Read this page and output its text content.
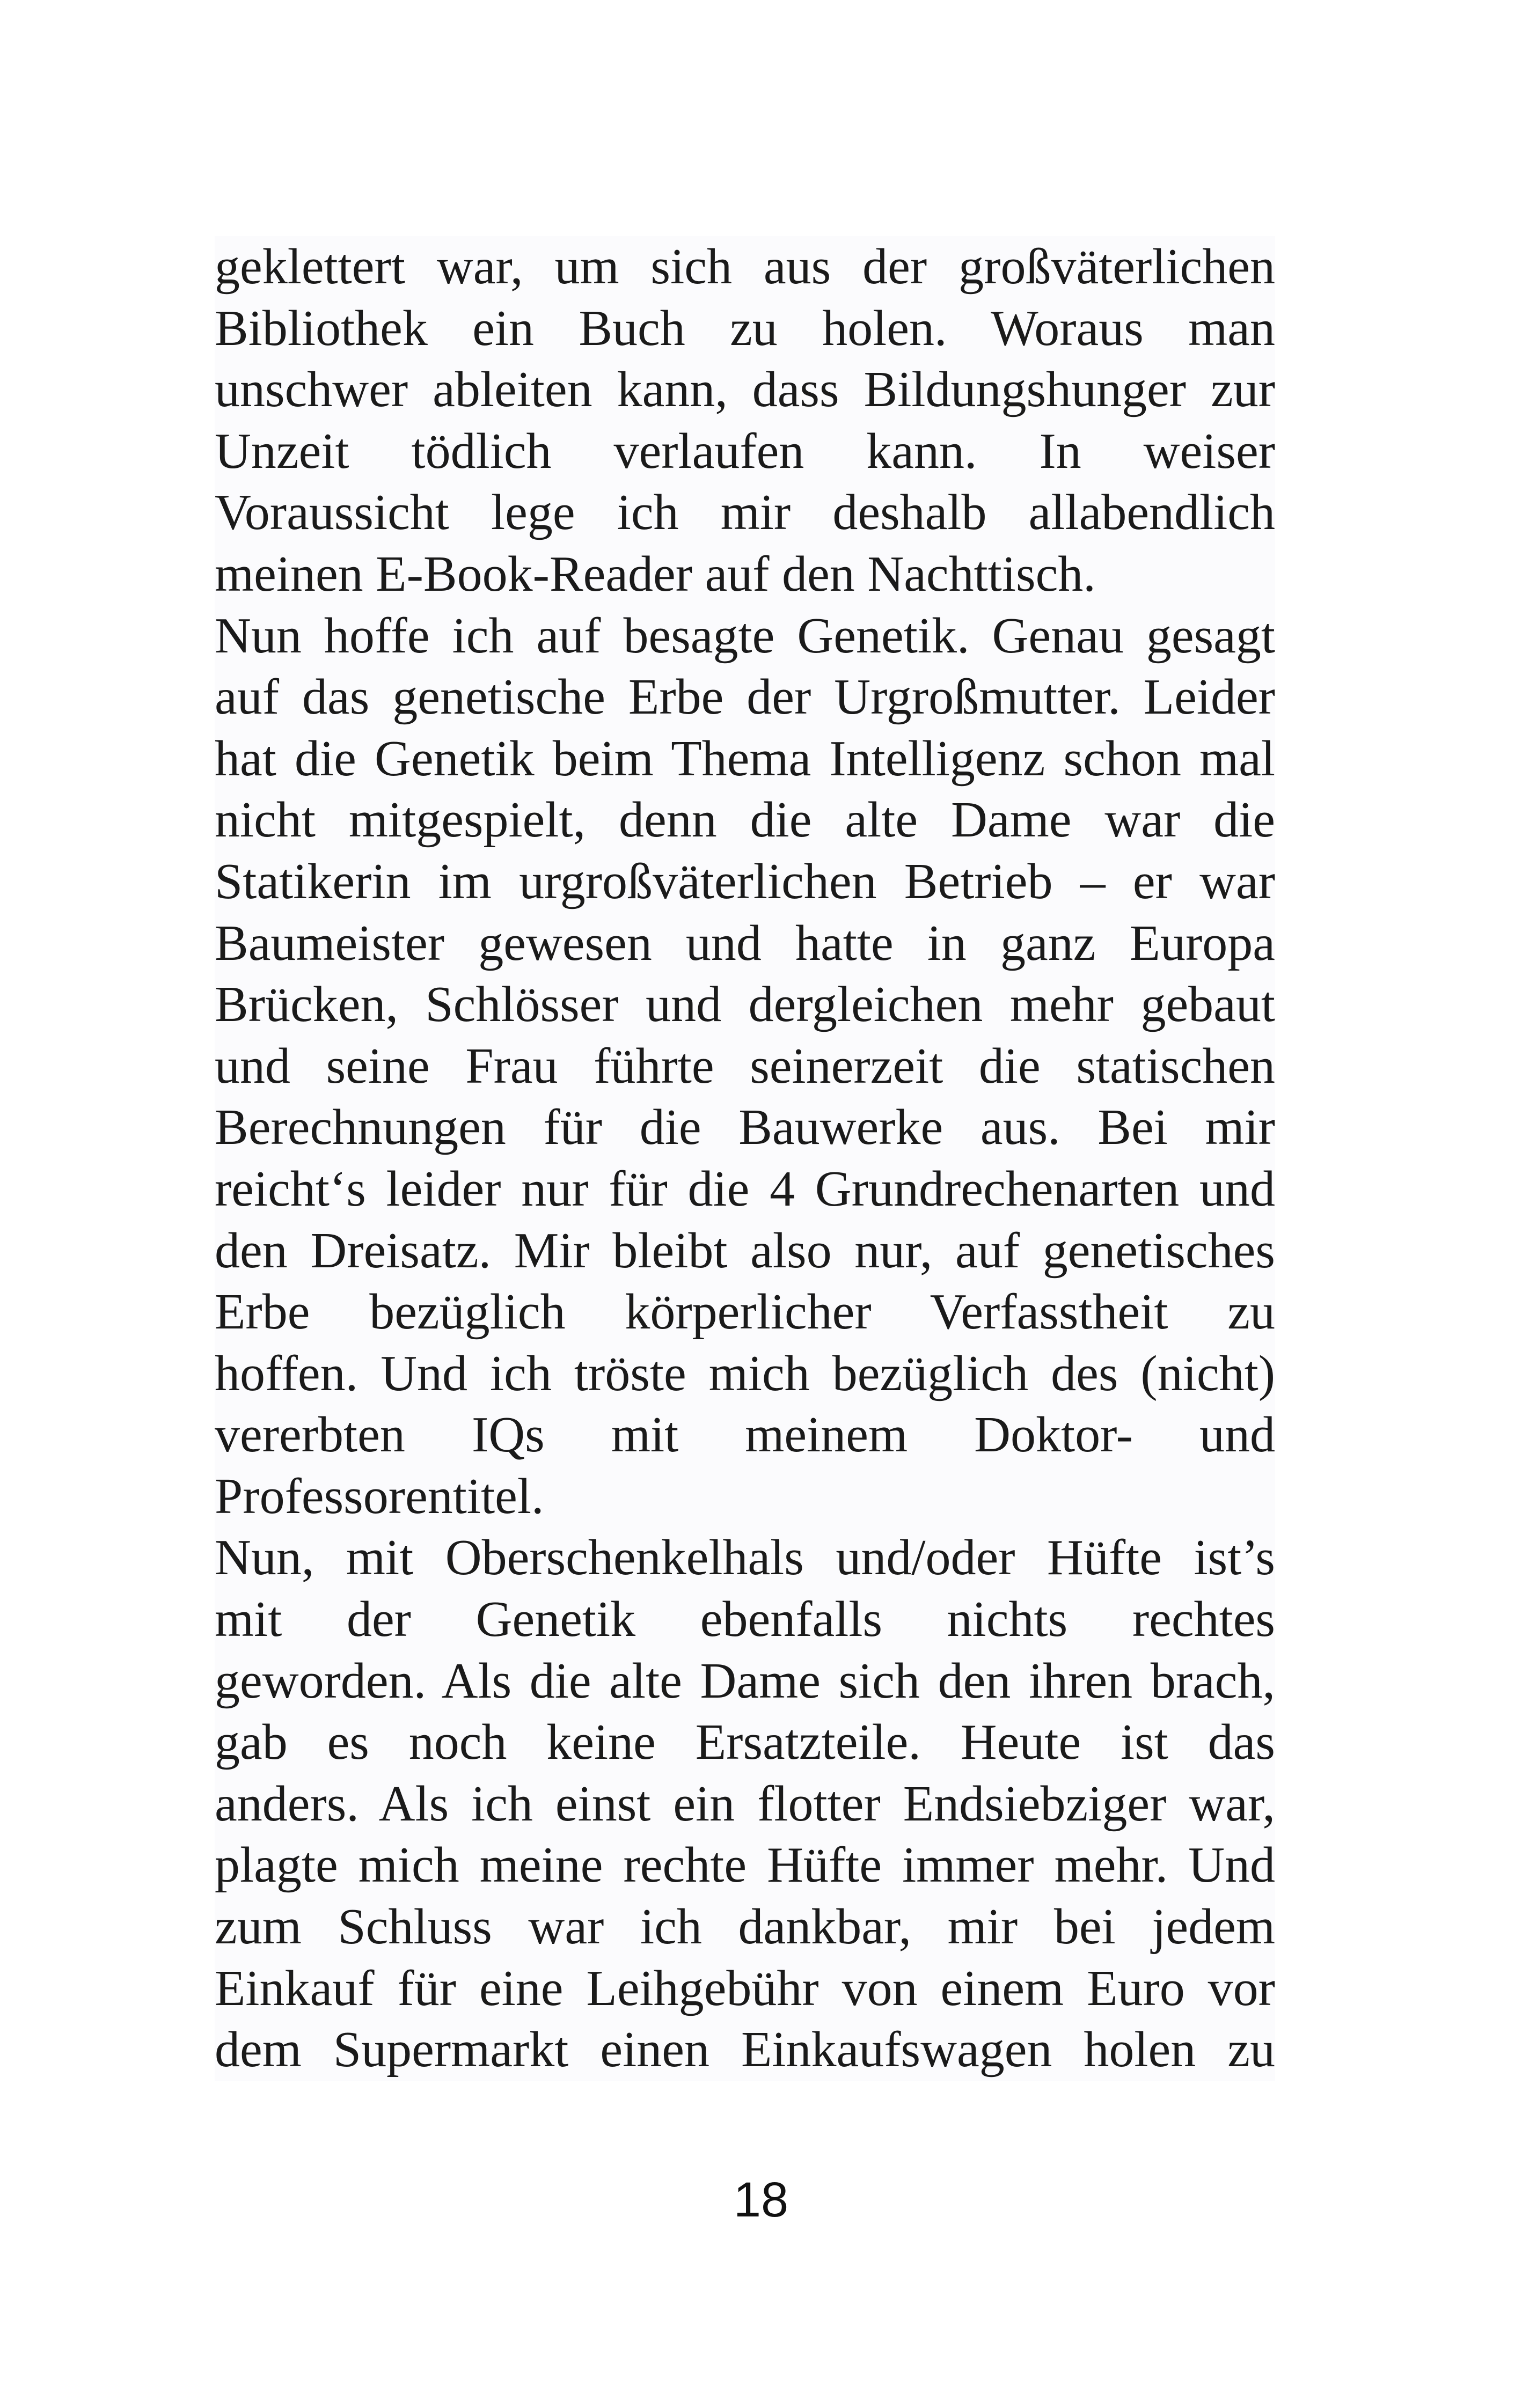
geklettert war, um sich aus der großväterlichen
Bibliothek ein Buch zu holen. Woraus man
unschwer ableiten kann, dass Bildungshunger zur
Unzeit tödlich verlaufen kann. In weiser
Voraussicht lege ich mir deshalb allabendlich
meinen E-Book-Reader auf den Nachttisch.
Nun hoffe ich auf besagte Genetik. Genau gesagt
auf das genetische Erbe der Urgroßmutter. Leider
hat die Genetik beim Thema Intelligenz schon mal
nicht mitgespielt, denn die alte Dame war die
Statikerin im urgroßväterlichen Betrieb – er war
Baumeister gewesen und hatte in ganz Europa
Brücken, Schlösser und dergleichen mehr gebaut
und seine Frau führte seinerzeit die statischen
Berechnungen für die Bauwerke aus. Bei mir
reicht‘s leider nur für die 4 Grundrechenarten und
den Dreisatz. Mir bleibt also nur, auf genetisches
Erbe bezüglich körperlicher Verfasstheit zu
hoffen. Und ich tröste mich bezüglich des (nicht)
vererbten IQs mit meinem Doktor- und
Professorentitel.
Nun, mit Oberschenkelhals und/oder Hüfte ist’s
mit der Genetik ebenfalls nichts rechtes
geworden. Als die alte Dame sich den ihren brach,
gab es noch keine Ersatzteile. Heute ist das
anders. Als ich einst ein flotter Endsiebziger war,
plagte mich meine rechte Hüfte immer mehr. Und
zum Schluss war ich dankbar, mir bei jedem
Einkauf für eine Leihgebühr von einem Euro vor
dem Supermarkt einen Einkaufswagen holen zu
18
